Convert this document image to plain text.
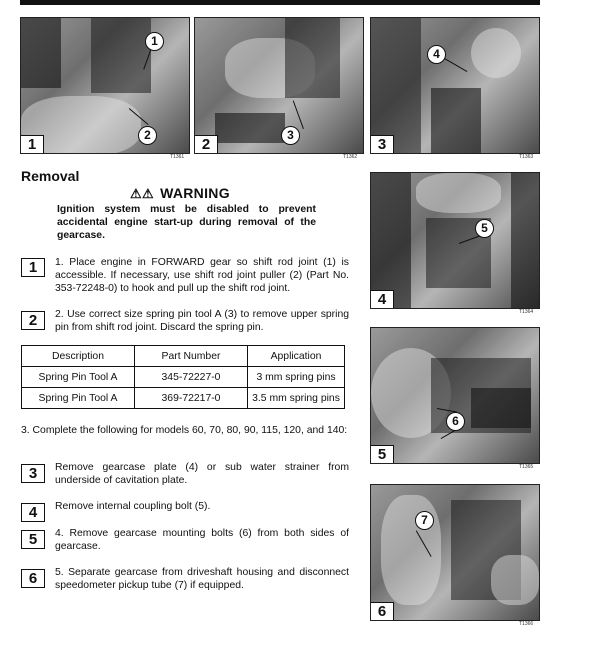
1
2
1
T1361
3
2
T1362
4
3
T1363
5
4
T1364
6
5
T1365
7
6
T1366
Removal
⚠⚠ WARNING
Ignition system must be disabled to prevent accidental engine start-up during removal of the gearcase.
1	1. Place engine in FORWARD gear so shift rod joint (1) is accessible. If necessary, use shift rod joint puller (2) (Part No. 353-72248-0) to hook and pull up the shift rod joint.
2	2. Use correct size spring pin tool A (3) to remove upper spring pin from shift rod joint. Discard the spring pin.
Description	Part Number	Application
Spring Pin Tool A	345-72227-0	3 mm spring pins
Spring Pin Tool A	369-72217-0	3.5 mm spring pins
3. Complete the following for models 60, 70, 80, 90, 115, 120, and 140:
3	Remove gearcase plate (4) or sub water strainer from underside of cavitation plate.
4	Remove internal coupling bolt (5).
5	4. Remove gearcase mounting bolts (6) from both sides of gearcase.
6	5. Separate gearcase from driveshaft housing and disconnect speedometer pickup tube (7) if equipped.
